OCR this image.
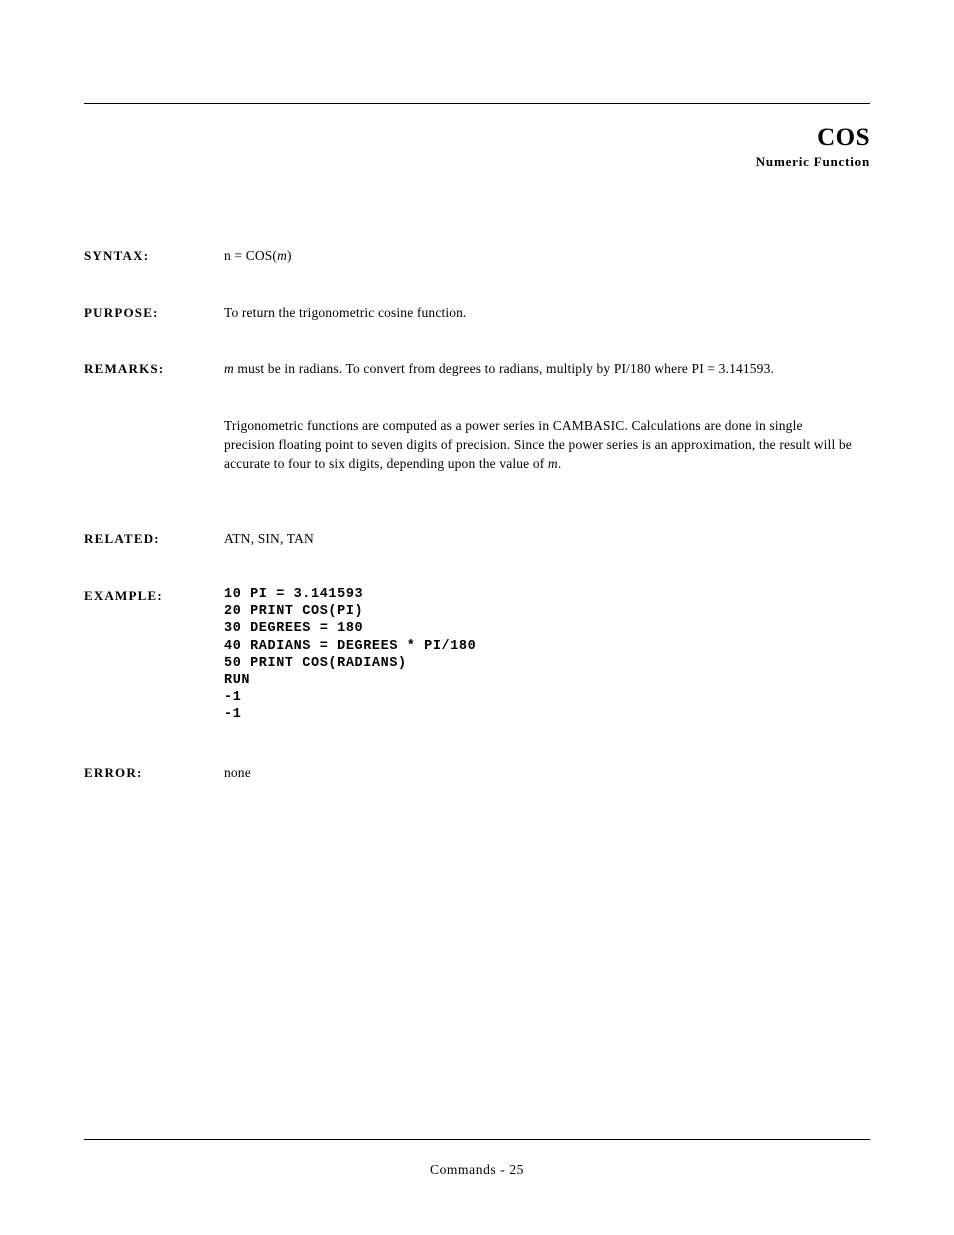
COS
Numeric Function
SYNTAX:	n = COS(m)
PURPOSE:	To return the trigonometric cosine function.
REMARKS:	m must be in radians. To convert from degrees to radians, multiply by PI/180 where PI = 3.141593.

Trigonometric functions are computed as a power series in CAMBASIC. Calculations are done in single precision floating point to seven digits of precision. Since the power series is an approximation, the result will be accurate to four to six digits, depending upon the value of m.

RELATED:	ATN, SIN, TAN
EXAMPLE:	10 PI = 3.141593
20 PRINT COS(PI)
30 DEGREES = 180
40 RADIANS = DEGREES * PI/180
50 PRINT COS(RADIANS)
RUN
-1
-1
ERROR:	none
Commands - 25
